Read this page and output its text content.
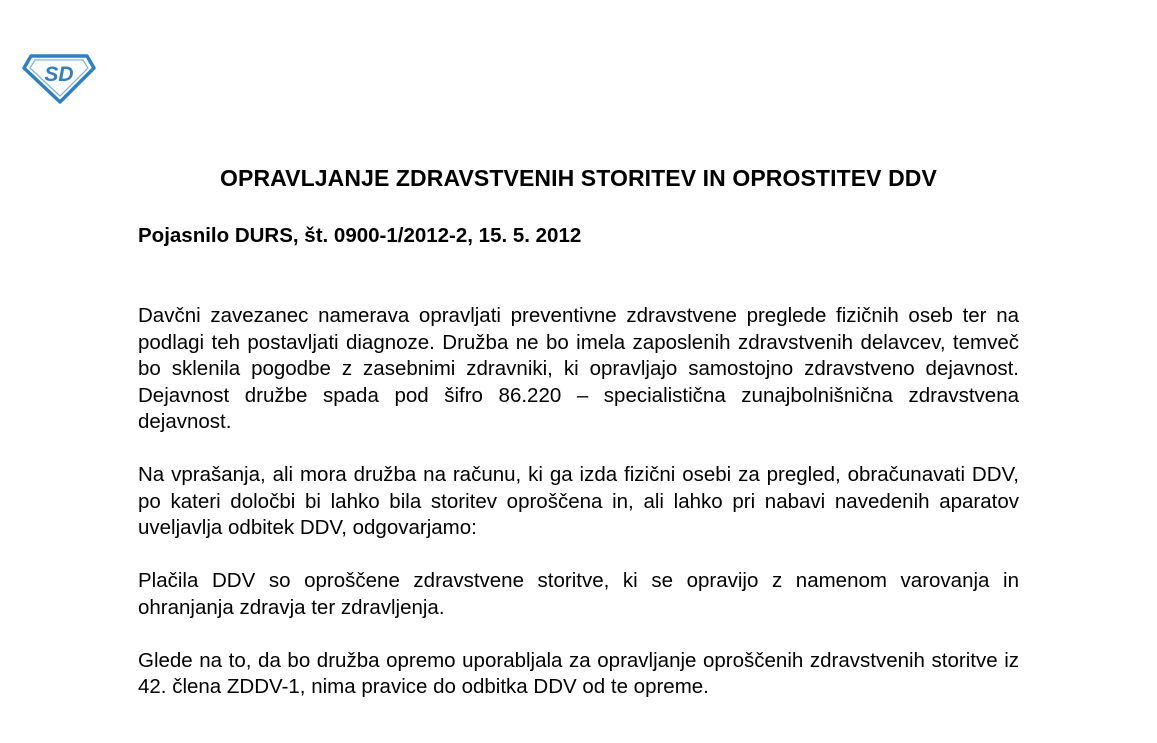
SD
OPRAVLJANJE ZDRAVSTVENIH STORITEV IN OPROSTITEV DDV
Pojasnilo DURS, št. 0900-1/2012-2, 15. 5. 2012

Davčni zavezanec namerava opravljati preventivne zdravstvene preglede fizičnih oseb ter na podlagi teh postavljati diagnoze. Družba ne bo imela zaposlenih zdravstvenih delavcev, temveč bo sklenila pogodbe z zasebnimi zdravniki, ki opravljajo samostojno zdravstveno dejavnost. Dejavnost družbe spada pod šifro 86.220 – specialistična zunajbolnišnična zdravstvena dejavnost.

Na vprašanja, ali mora družba na računu, ki ga izda fizični osebi za pregled, obračunavati DDV, po kateri določbi bi lahko bila storitev oproščena in, ali lahko pri nabavi navedenih aparatov uveljavlja odbitek DDV, odgovarjamo:

Plačila DDV so oproščene zdravstvene storitve, ki se opravijo z namenom varovanja in ohranjanja zdravja ter zdravljenja.

Glede na to, da bo družba opremo uporabljala za opravljanje oproščenih zdravstvenih storitve iz 42. člena ZDDV-1, nima pravice do odbitka DDV od te opreme.
